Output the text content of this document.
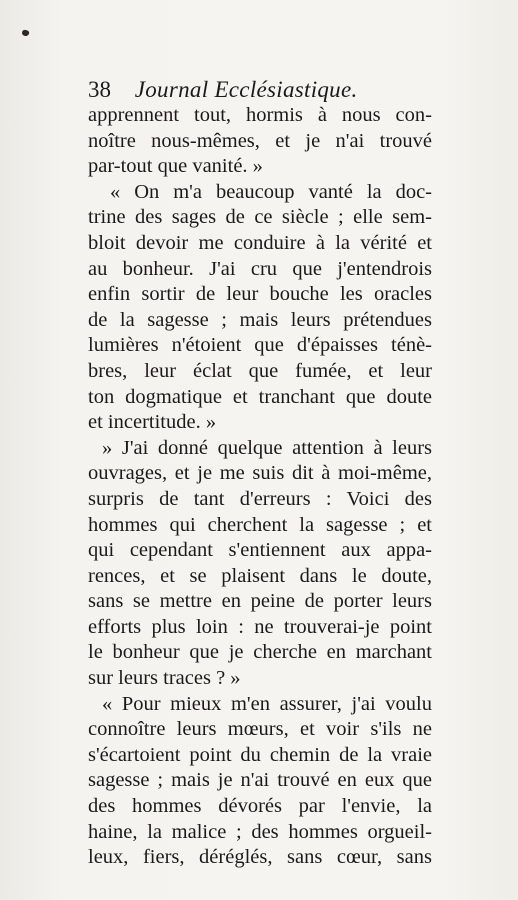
38 Journal Ecclésiastique.
apprennent tout, hormis à nous con-
noître nous-mêmes, et je n'ai trouvé
par-tout que vanité. »
« On m'a beaucoup vanté la doc-
trine des sages de ce siècle ; elle sem-
bloit devoir me conduire à la vérité et
au bonheur. J'ai cru que j'entendrois
enfin sortir de leur bouche les oracles
de la sagesse ; mais leurs prétendues
lumières n'étoient que d'épaisses ténè-
bres, leur éclat que fumée, et leur
ton dogmatique et tranchant que doute
et incertitude. »
» J'ai donné quelque attention à leurs
ouvrages, et je me suis dit à moi-même,
surpris de tant d'erreurs : Voici des
hommes qui cherchent la sagesse ; et
qui cependant s'entiennent aux appa-
rences, et se plaisent dans le doute,
sans se mettre en peine de porter leurs
efforts plus loin : ne trouverai-je point
le bonheur que je cherche en marchant
sur leurs traces ? »
« Pour mieux m'en assurer, j'ai voulu
connoître leurs mœurs, et voir s'ils ne
s'écartoient point du chemin de la vraie
sagesse ; mais je n'ai trouvé en eux que
des hommes dévorés par l'envie, la
haine, la malice ; des hommes orgueil-
leux, fiers, déréglés, sans cœur, sans
